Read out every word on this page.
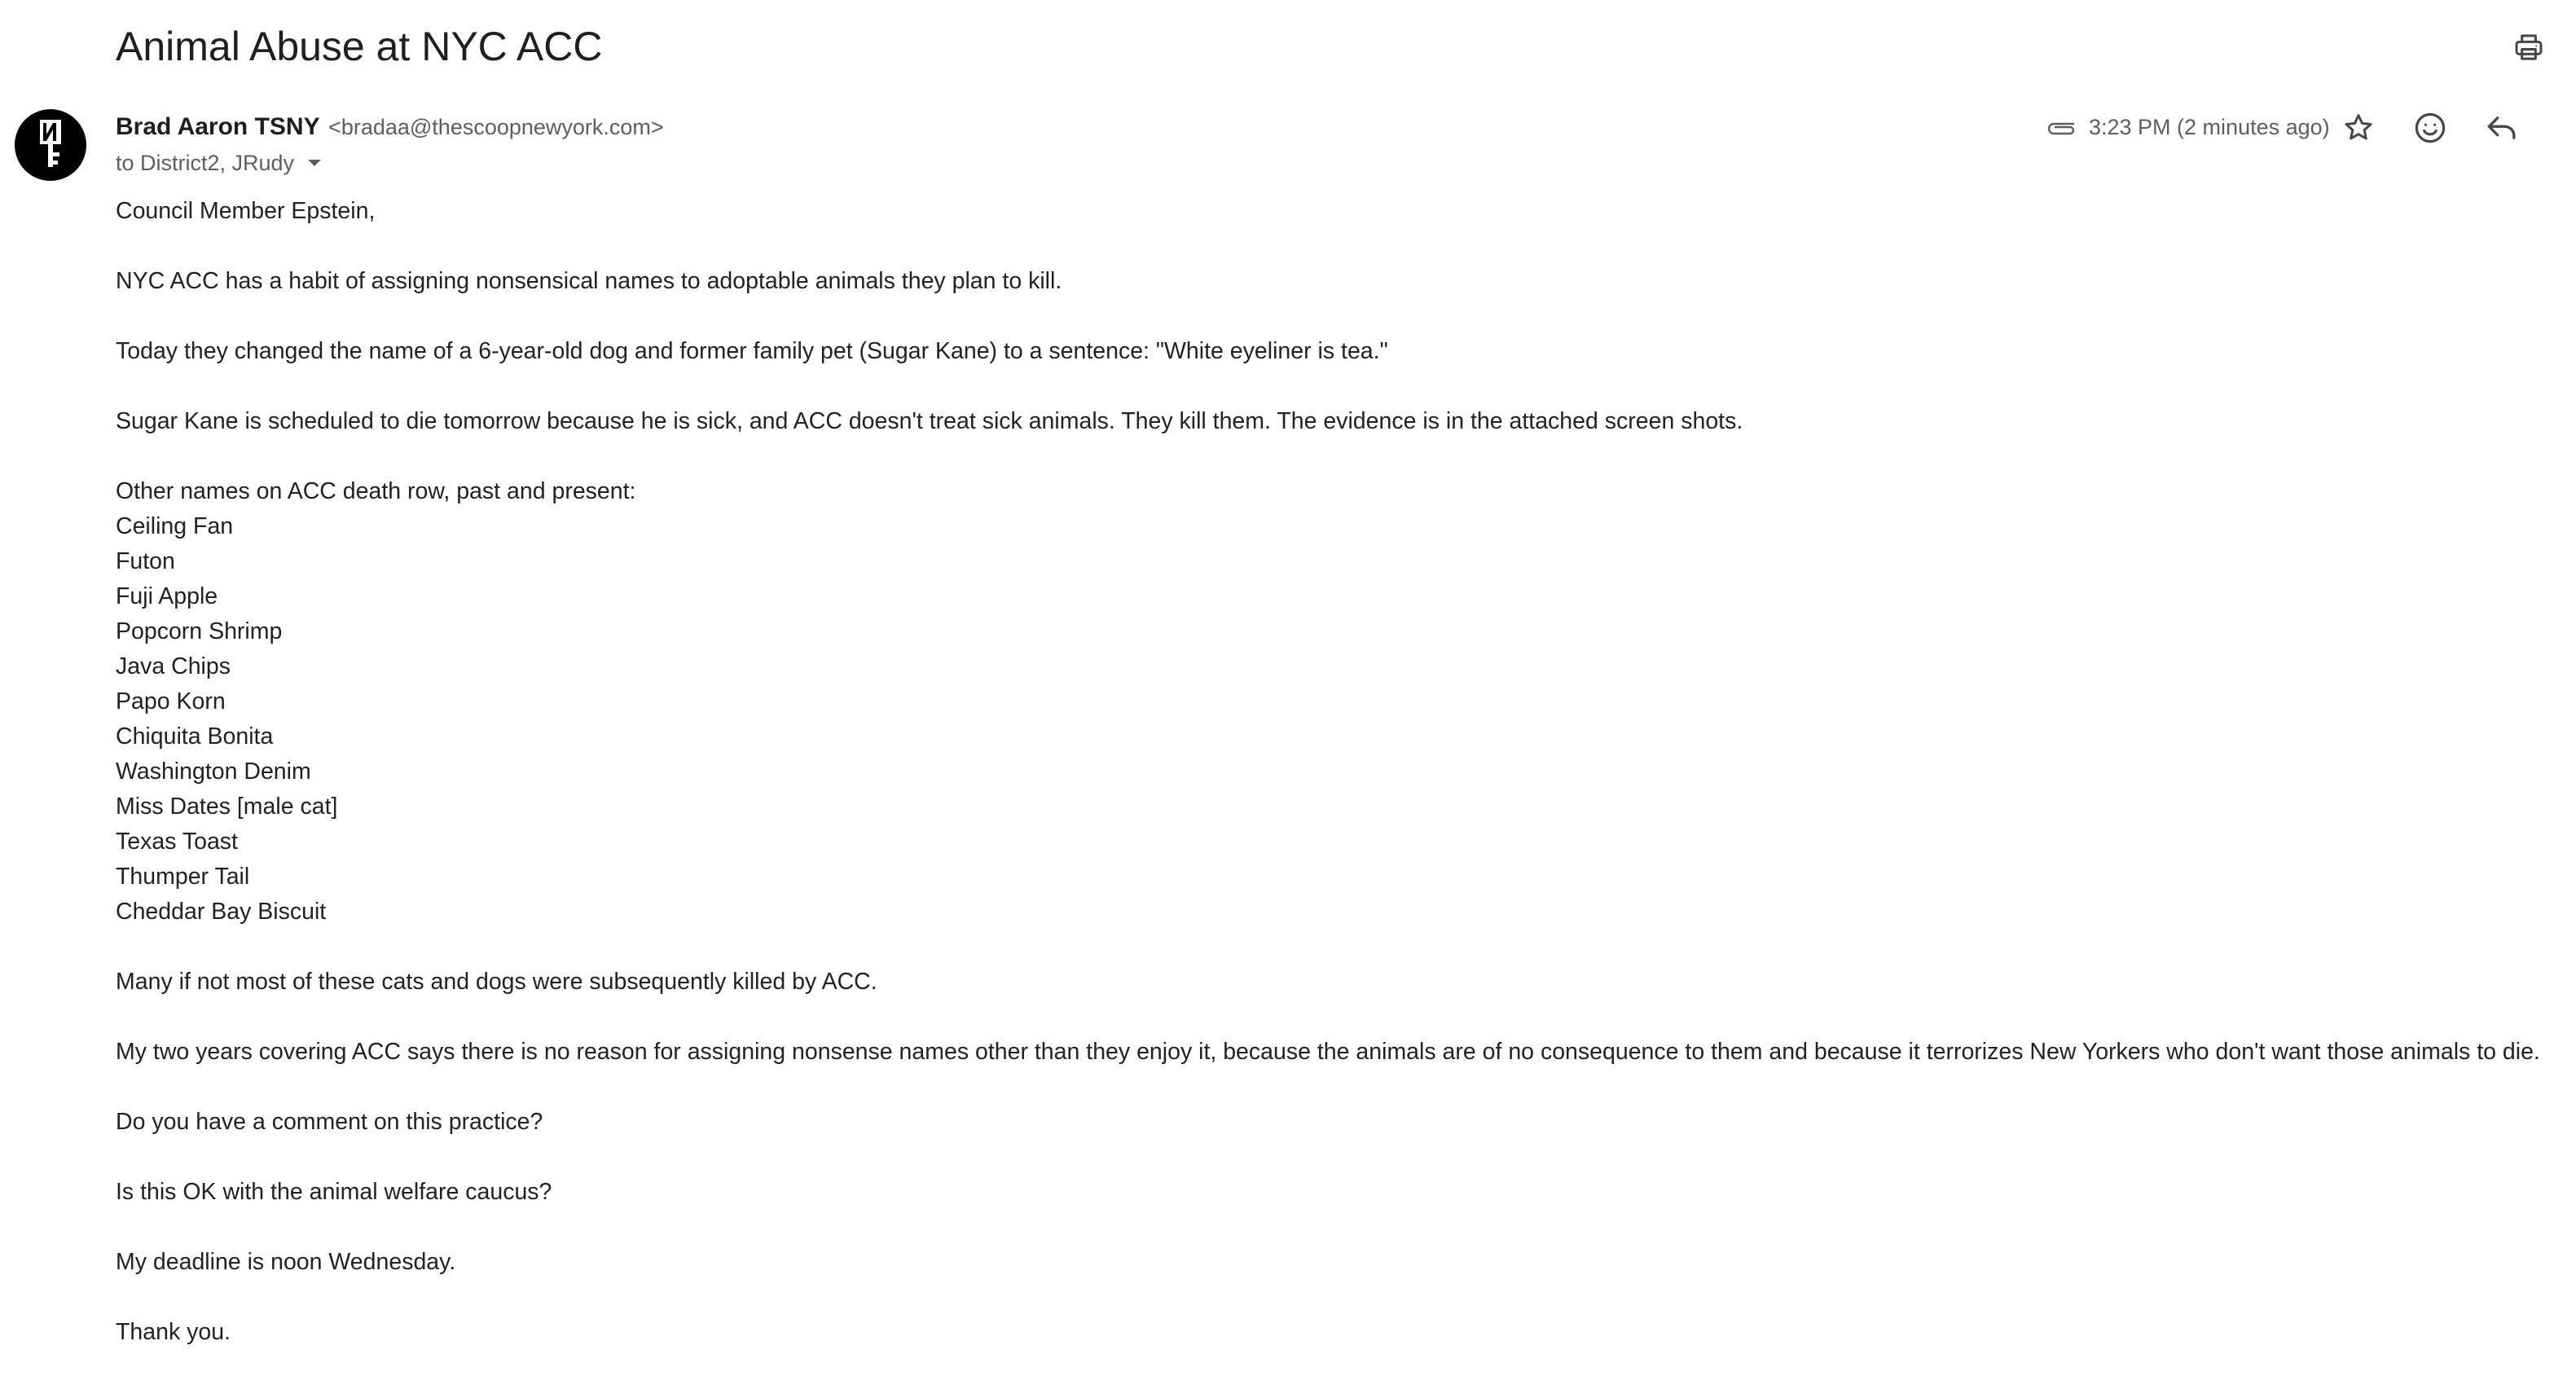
Animal Abuse at NYC ACC
Brad Aaron TSNY <bradaa@thescoopnewyork.com>
to District2, JRudy
3:23 PM (2 minutes ago)

Council Member Epstein,

NYC ACC has a habit of assigning nonsensical names to adoptable animals they plan to kill.

Today they changed the name of a 6-year-old dog and former family pet (Sugar Kane) to a sentence: "White eyeliner is tea."

Sugar Kane is scheduled to die tomorrow because he is sick, and ACC doesn't treat sick animals. They kill them. The evidence is in the attached screen shots.

Other names on ACC death row, past and present:

Ceiling Fan
Futon
Fuji Apple
Popcorn Shrimp
Java Chips
Papo Korn
Chiquita Bonita
Washington Denim
Miss Dates [male cat]
Texas Toast
Thumper Tail
Cheddar Bay Biscuit

Many if not most of these cats and dogs were subsequently killed by ACC.

My two years covering ACC says there is no reason for assigning nonsense names other than they enjoy it, because the animals are of no consequence to them and because it terrorizes New Yorkers who don't want those animals to die.

Do you have a comment on this practice?

Is this OK with the animal welfare caucus?

My deadline is noon Wednesday.

Thank you.
